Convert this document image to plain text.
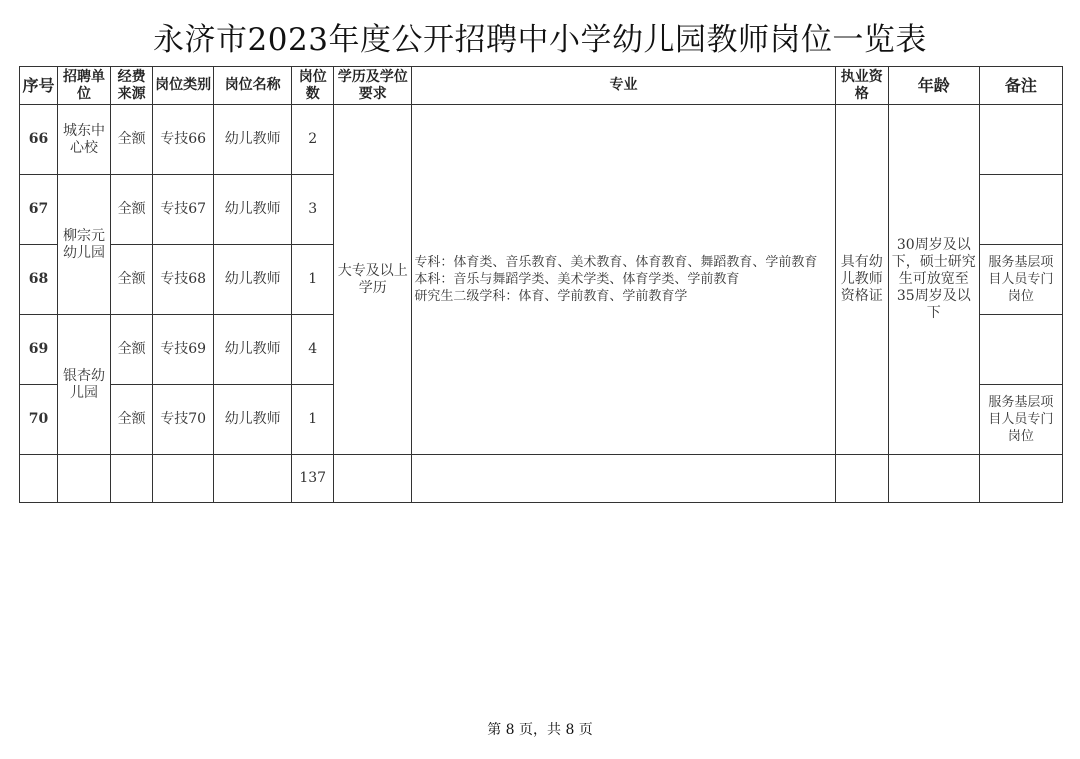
永济市2023年度公开招聘中小学幼儿园教师岗位一览表
序号	招聘单位	经费来源	岗位类别	岗位名称	岗位数	学历及学位要求	专业	执业资格	年龄	备注
66	城东中心校	全额	专技66	幼儿教师	2	大专及以上学历	专科：体育类、音乐教育、美术教育、体育教育、舞蹈教育、学前教育
本科：音乐与舞蹈学类、美术学类、体育学类、学前教育
研究生二级学科：体育、学前教育、学前教育学	具有幼儿教师资格证	30周岁及以下，硕士研究生可放宽至35周岁及以下	
67	柳宗元幼儿园	全额	专技67	幼儿教师	3					
68		全额	专技68	幼儿教师	1					服务基层项目人员专门岗位
69	银杏幼儿园	全额	专技69	幼儿教师	4					
70		全额	专技70	幼儿教师	1					服务基层项目人员专门岗位
					137					
第 8 页，共 8 页
